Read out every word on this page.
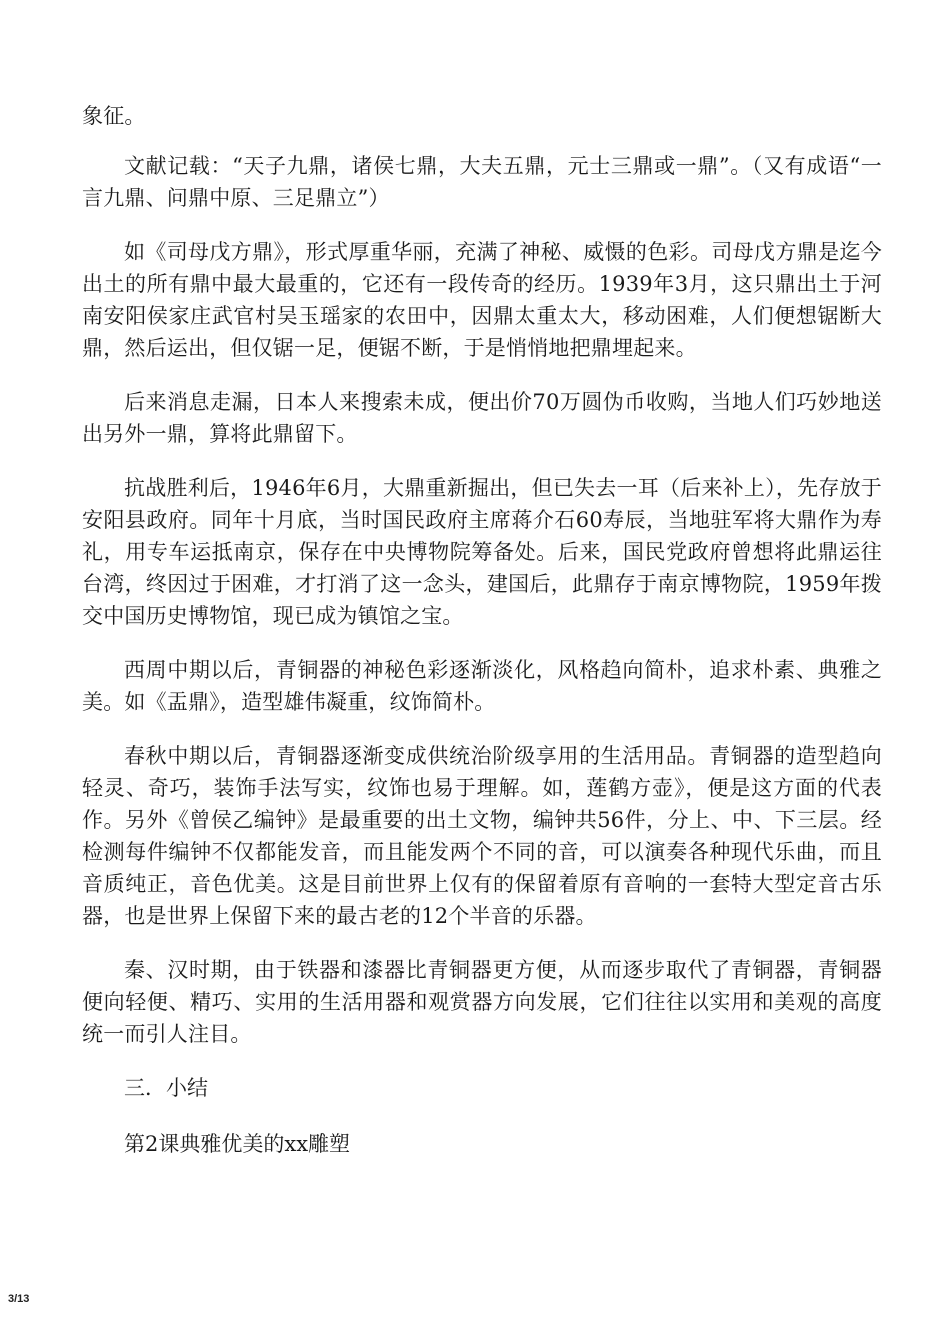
象征。

文献记载：“天子九鼎，诸侯七鼎，大夫五鼎，元士三鼎或一鼎”。（又有成语“一言九鼎、问鼎中原、三足鼎立”）

如《司母戊方鼎》，形式厚重华丽，充满了神秘、威慑的色彩。司母戊方鼎是迄今出土的所有鼎中最大最重的，它还有一段传奇的经历。1939年3月，这只鼎出土于河南安阳侯家庄武官村吴玉瑶家的农田中，因鼎太重太大，移动困难，人们便想锯断大鼎，然后运出，但仅锯一足，便锯不断，于是悄悄地把鼎埋起来。

后来消息走漏，日本人来搜索未成，便出价70万圆伪币收购，当地人们巧妙地送出另外一鼎，算将此鼎留下。

抗战胜利后，1946年6月，大鼎重新掘出，但已失去一耳（后来补上），先存放于安阳县政府。同年十月底，当时国民政府主席蒋介石60寿辰，当地驻军将大鼎作为寿礼，用专车运抵南京，保存在中央博物院筹备处。后来，国民党政府曾想将此鼎运往台湾，终因过于困难，才打消了这一念头，建国后，此鼎存于南京博物院，1959年拨交中国历史博物馆，现已成为镇馆之宝。

西周中期以后，青铜器的神秘色彩逐渐淡化，风格趋向简朴，追求朴素、典雅之美。如《盂鼎》，造型雄伟凝重，纹饰简朴。

春秋中期以后，青铜器逐渐变成供统治阶级享用的生活用品。青铜器的造型趋向轻灵、奇巧，装饰手法写实，纹饰也易于理解。如，莲鹤方壶》，便是这方面的代表作。另外《曾侯乙编钟》是最重要的出土文物，编钟共56件，分上、中、下三层。经检测每件编钟不仅都能发音，而且能发两个不同的音，可以演奏各种现代乐曲，而且音质纯正，音色优美。这是目前世界上仅有的保留着原有音响的一套特大型定音古乐器，也是世界上保留下来的最古老的12个半音的乐器。

秦、汉时期，由于铁器和漆器比青铜器更方便，从而逐步取代了青铜器，青铜器便向轻便、精巧、实用的生活用器和观赏器方向发展，它们往往以实用和美观的高度统一而引人注目。

三．小结
第2课典雅优美的xx雕塑
3/13
